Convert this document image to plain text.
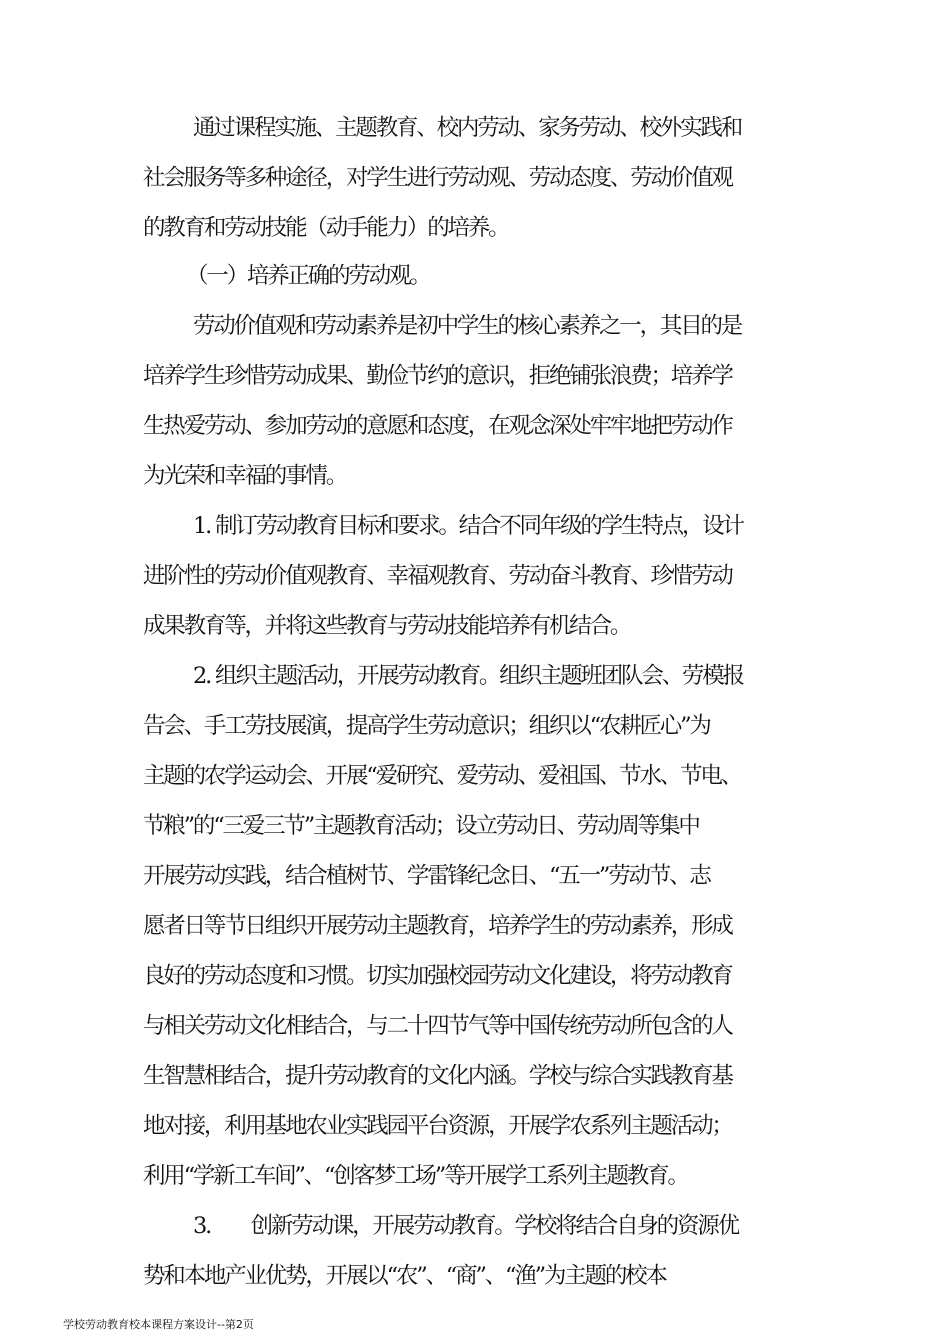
通过课程实施、主题教育、校内劳动、家务劳动、校外实践和
社会服务等多种途径，对学生进行劳动观、劳动态度、劳动价值观
的教育和劳动技能（动手能力）的培养。
（一）培养正确的劳动观。
劳动价值观和劳动素养是初中学生的核心素养之一，其目的是
培养学生珍惜劳动成果、勤俭节约的意识，拒绝铺张浪费；培养学
生热爱劳动、参加劳动的意愿和态度，在观念深处牢牢地把劳动作
为光荣和幸福的事情。
1. 制订劳动教育目标和要求。结合不同年级的学生特点，设计
进阶性的劳动价值观教育、幸福观教育、劳动奋斗教育、珍惜劳动
成果教育等，并将这些教育与劳动技能培养有机结合。
2. 组织主题活动，开展劳动教育。组织主题班团队会、劳模报
告会、手工劳技展演，提高学生劳动意识；组织以“农耕匠心”为
主题的农学运动会、开展“爱研究、爱劳动、爱祖国、节水、节电、
节粮”的“三爱三节”主题教育活动；设立劳动日、劳动周等集中
开展劳动实践，结合植树节、学雷锋纪念日、“五一”劳动节、志
愿者日等节日组织开展劳动主题教育，培养学生的劳动素养，形成
良好的劳动态度和习惯。切实加强校园劳动文化建设，将劳动教育
与相关劳动文化相结合，与二十四节气等中国传统劳动所包含的人
生智慧相结合，提升劳动教育的文化内涵。学校与综合实践教育基
地对接，利用基地农业实践园平台资源，开展学农系列主题活动；
利用“学新工车间”、“创客梦工场”等开展学工系列主题教育。
3.　　创新劳动课，开展劳动教育。学校将结合自身的资源优
势和本地产业优势，开展以“农”、“商”、“渔”为主题的校本
学校劳动教育校本课程方案设计--第2页
